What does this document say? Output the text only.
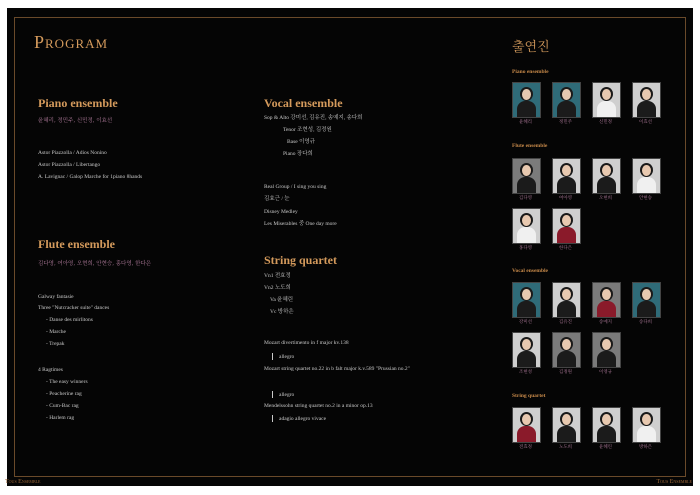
Program
Piano ensemble
윤혜리, 정민주, 신민정, 이효선
Astor Piazzolla / Adios Nonino
Astor Piazzolla / Libertango
A. Lavignac / Galop Marche for 1piano 8hands
Flute ensemble
김다영, 여아영, 오현희, 안현승, 홍다영, 한다은
Galway fantasie
Three "Nutcracker suite" dances
- Danse des mirlitons
- Marche
- Trepak
4 Ragtimes
- The easy winners
- Peacherine rag
- Cum-Bac rag
- Harlem rag
Vocal ensemble
Sop & Alto 강미선, 김유진, 송예지, 송다희
Tenor 조현성, 김정원
Base 이영규
Piano 장다희
Real Group / I sing you sing
김효근 / 눈
Disney Medley
Les Miserables 중 One day more
String quartet
Vn1 전효정
Vn2 노도희
Va 윤혜린
Vc 방하은
Mozart divertimento in f major kv.138
allegro
Mozart string quartet no.22 in b falt major k.v.589 "Prussian no.2"
allegro
Mendelssohn string quartet no.2 in a minor op.13
adagio allegro vivace
출연진
Piano ensemble
Flute ensemble
Vocal ensemble
String quartet
윤혜리	정민주	신민정	이효선
김다영	여아영	오현희	안현승
홍다영	한다은
강미선	김유진	송예지	송다희
조현성	김정원	이영규
전효정	노도희	윤혜린	방하은
Tous Ensemble	Tous Ensemble
